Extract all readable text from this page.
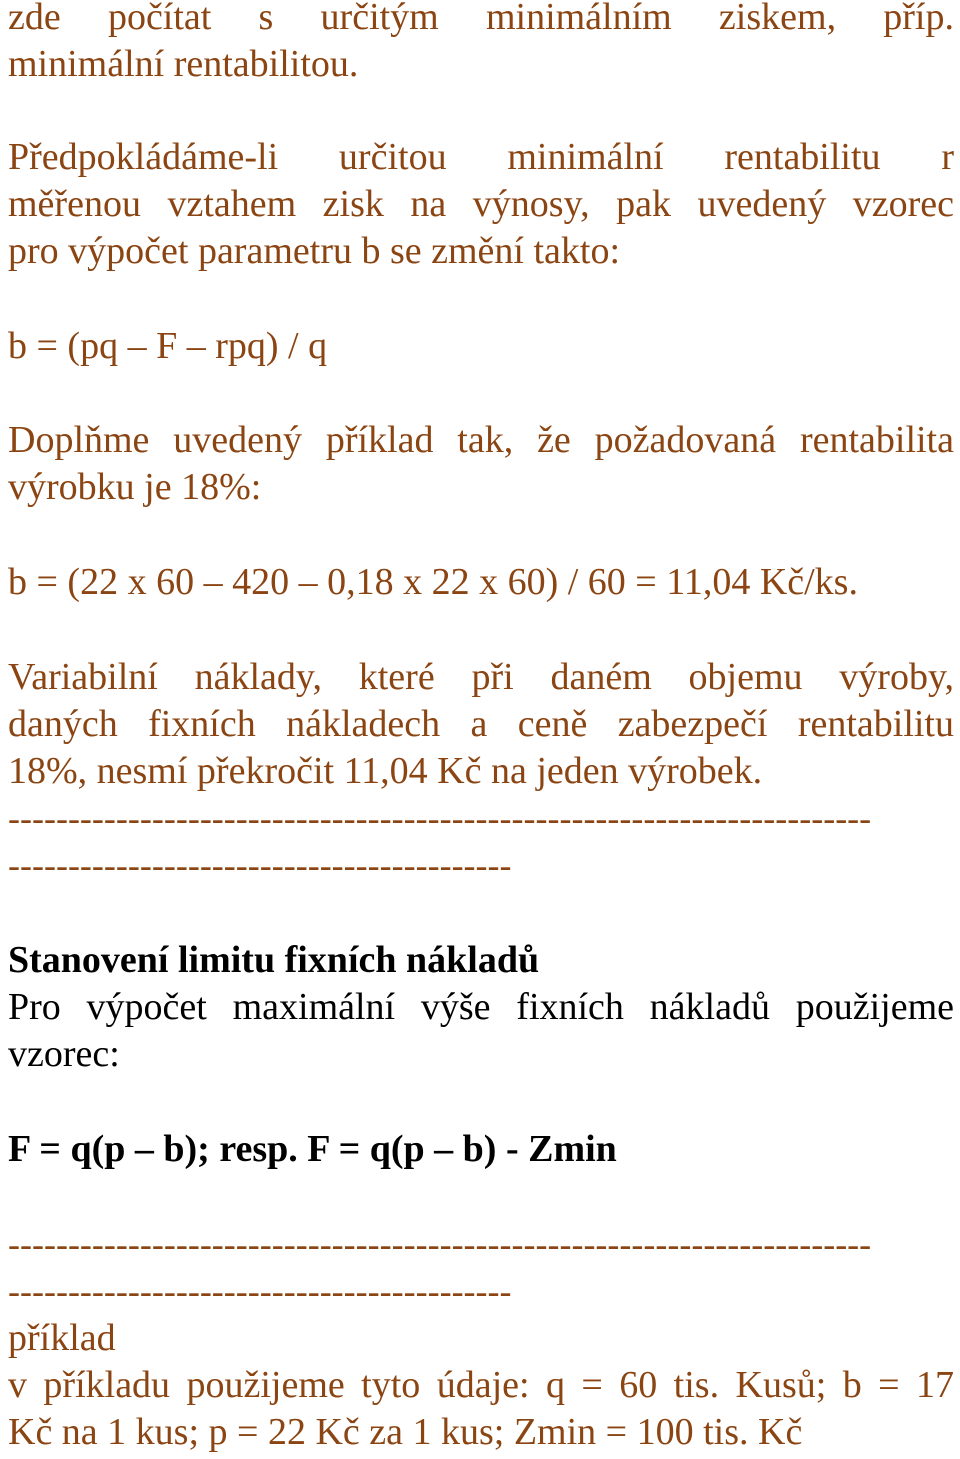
zde počítat s určitým minimálním ziskem, příp.
minimální rentabilitou.
Předpokládáme-li určitou minimální rentabilitu r
měřenou vztahem zisk na výnosy, pak uvedený vzorec
pro výpočet parametru b se změní takto:
b = (pq – F – rpq) / q
Doplňme uvedený příklad tak, že požadovaná rentabilita
výrobku je 18%:
b = (22 x 60 – 420 – 0,18 x 22 x 60) / 60 = 11,04 Kč/ks.
Variabilní náklady, které při daném objemu výroby,
daných fixních nákladech a ceně zabezpečí rentabilitu
18%, nesmí překročit 11,04 Kč na jeden výrobek.
------------------------------------------------------------------------
------------------------------------------
Stanovení limitu fixních nákladů
Pro výpočet maximální výše fixních nákladů použijeme
vzorec:
F = q(p – b); resp. F = q(p – b) - Zmin
------------------------------------------------------------------------
------------------------------------------
příklad
v příkladu použijeme tyto údaje: q = 60 tis. Kusů; b = 17
Kč na 1 kus; p = 22 Kč za 1 kus; Zmin = 100 tis. Kč
